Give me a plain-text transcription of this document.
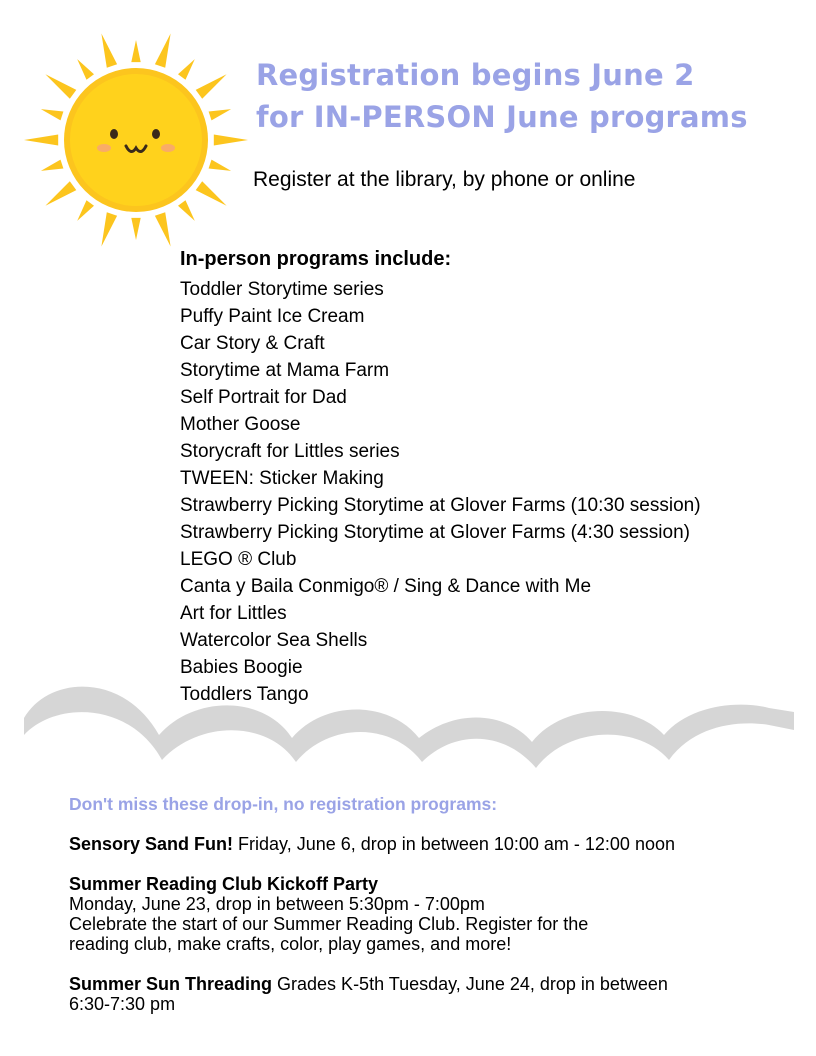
Registration begins June 2
for IN-PERSON June programs
Register at the library, by phone or online
In-person programs include:
Toddler Storytime series
Puffy Paint Ice Cream
Car Story & Craft
Storytime at Mama Farm
Self Portrait for Dad
Mother Goose
Storycraft for Littles series
TWEEN: Sticker Making
Strawberry Picking Storytime at Glover Farms (10:30 session)
Strawberry Picking Storytime at Glover Farms (4:30 session)
LEGO ® Club
Canta y Baila Conmigo® / Sing & Dance with Me
Art for Littles
Watercolor Sea Shells
Babies Boogie
Toddlers Tango
Don't miss these drop-in, no registration programs:
Sensory Sand Fun! Friday, June 6, drop in between 10:00 am - 12:00 noon
Summer Reading Club Kickoff Party
Monday, June 23, drop in between 5:30pm - 7:00pm
Celebrate the start of our Summer Reading Club. Register for the
reading club, make crafts, color, play games, and more!
Summer Sun Threading Grades K-5th Tuesday, June 24, drop in between
6:30-7:30 pm
